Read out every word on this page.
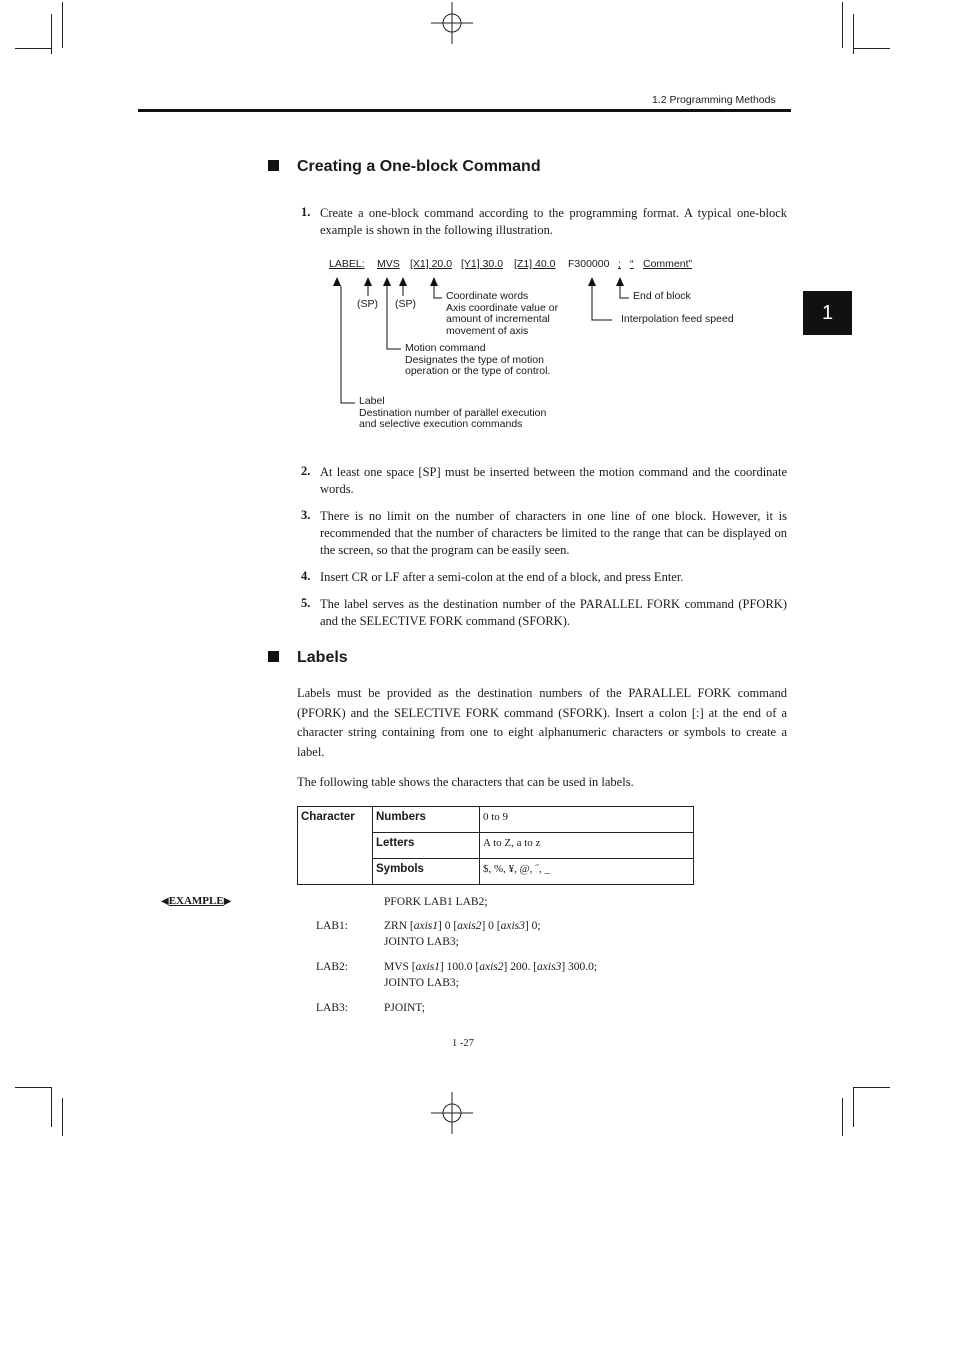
1.2 Programming Methods
1
Creating a One-block Command
1. Create a one-block command according to the programming format. A typical one-block example is shown in the following illustration.
LABEL: MVS [X1] 20.0 [Y1] 30.0 [Z1] 40.0 F300000 ; “ Comment”
(SP) (SP)
Coordinate words
Axis coordinate value or
amount of incremental
movement of axis
End of block
Interpolation feed speed
Motion command
Designates the type of motion
operation or the type of control.
Label
Destination number of parallel execution
and selective execution commands
2. At least one space [SP] must be inserted between the motion command and the coordinate words.
3. There is no limit on the number of characters in one line of one block. However, it is recommended that the number of characters be limited to the range that can be displayed on the screen, so that the program can be easily seen.
4. Insert CR or LF after a semi-colon at the end of a block, and press Enter.
5. The label serves as the destination number of the PARALLEL FORK command (PFORK) and the SELECTIVE FORK command (SFORK).
Labels
Labels must be provided as the destination numbers of the PARALLEL FORK command (PFORK) and the SELECTIVE FORK command (SFORK). Insert a colon [:] at the end of a character string containing from one to eight alphanumeric characters or symbols to create a label.
The following table shows the characters that can be used in labels.
Character	Numbers	0 to 9
	Letters	A to Z, a to z
	Symbols	$, %, ¥, @, ˝, _
◀EXAMPLE▶	PFORK LAB1 LAB2;
LAB1:	ZRN [axis1] 0 [axis2] 0 [axis3] 0;
JOINTO LAB3;
LAB2:	MVS [axis1] 100.0 [axis2] 200. [axis3] 300.0;
JOINTO LAB3;
LAB3:	PJOINT;
1 -27
